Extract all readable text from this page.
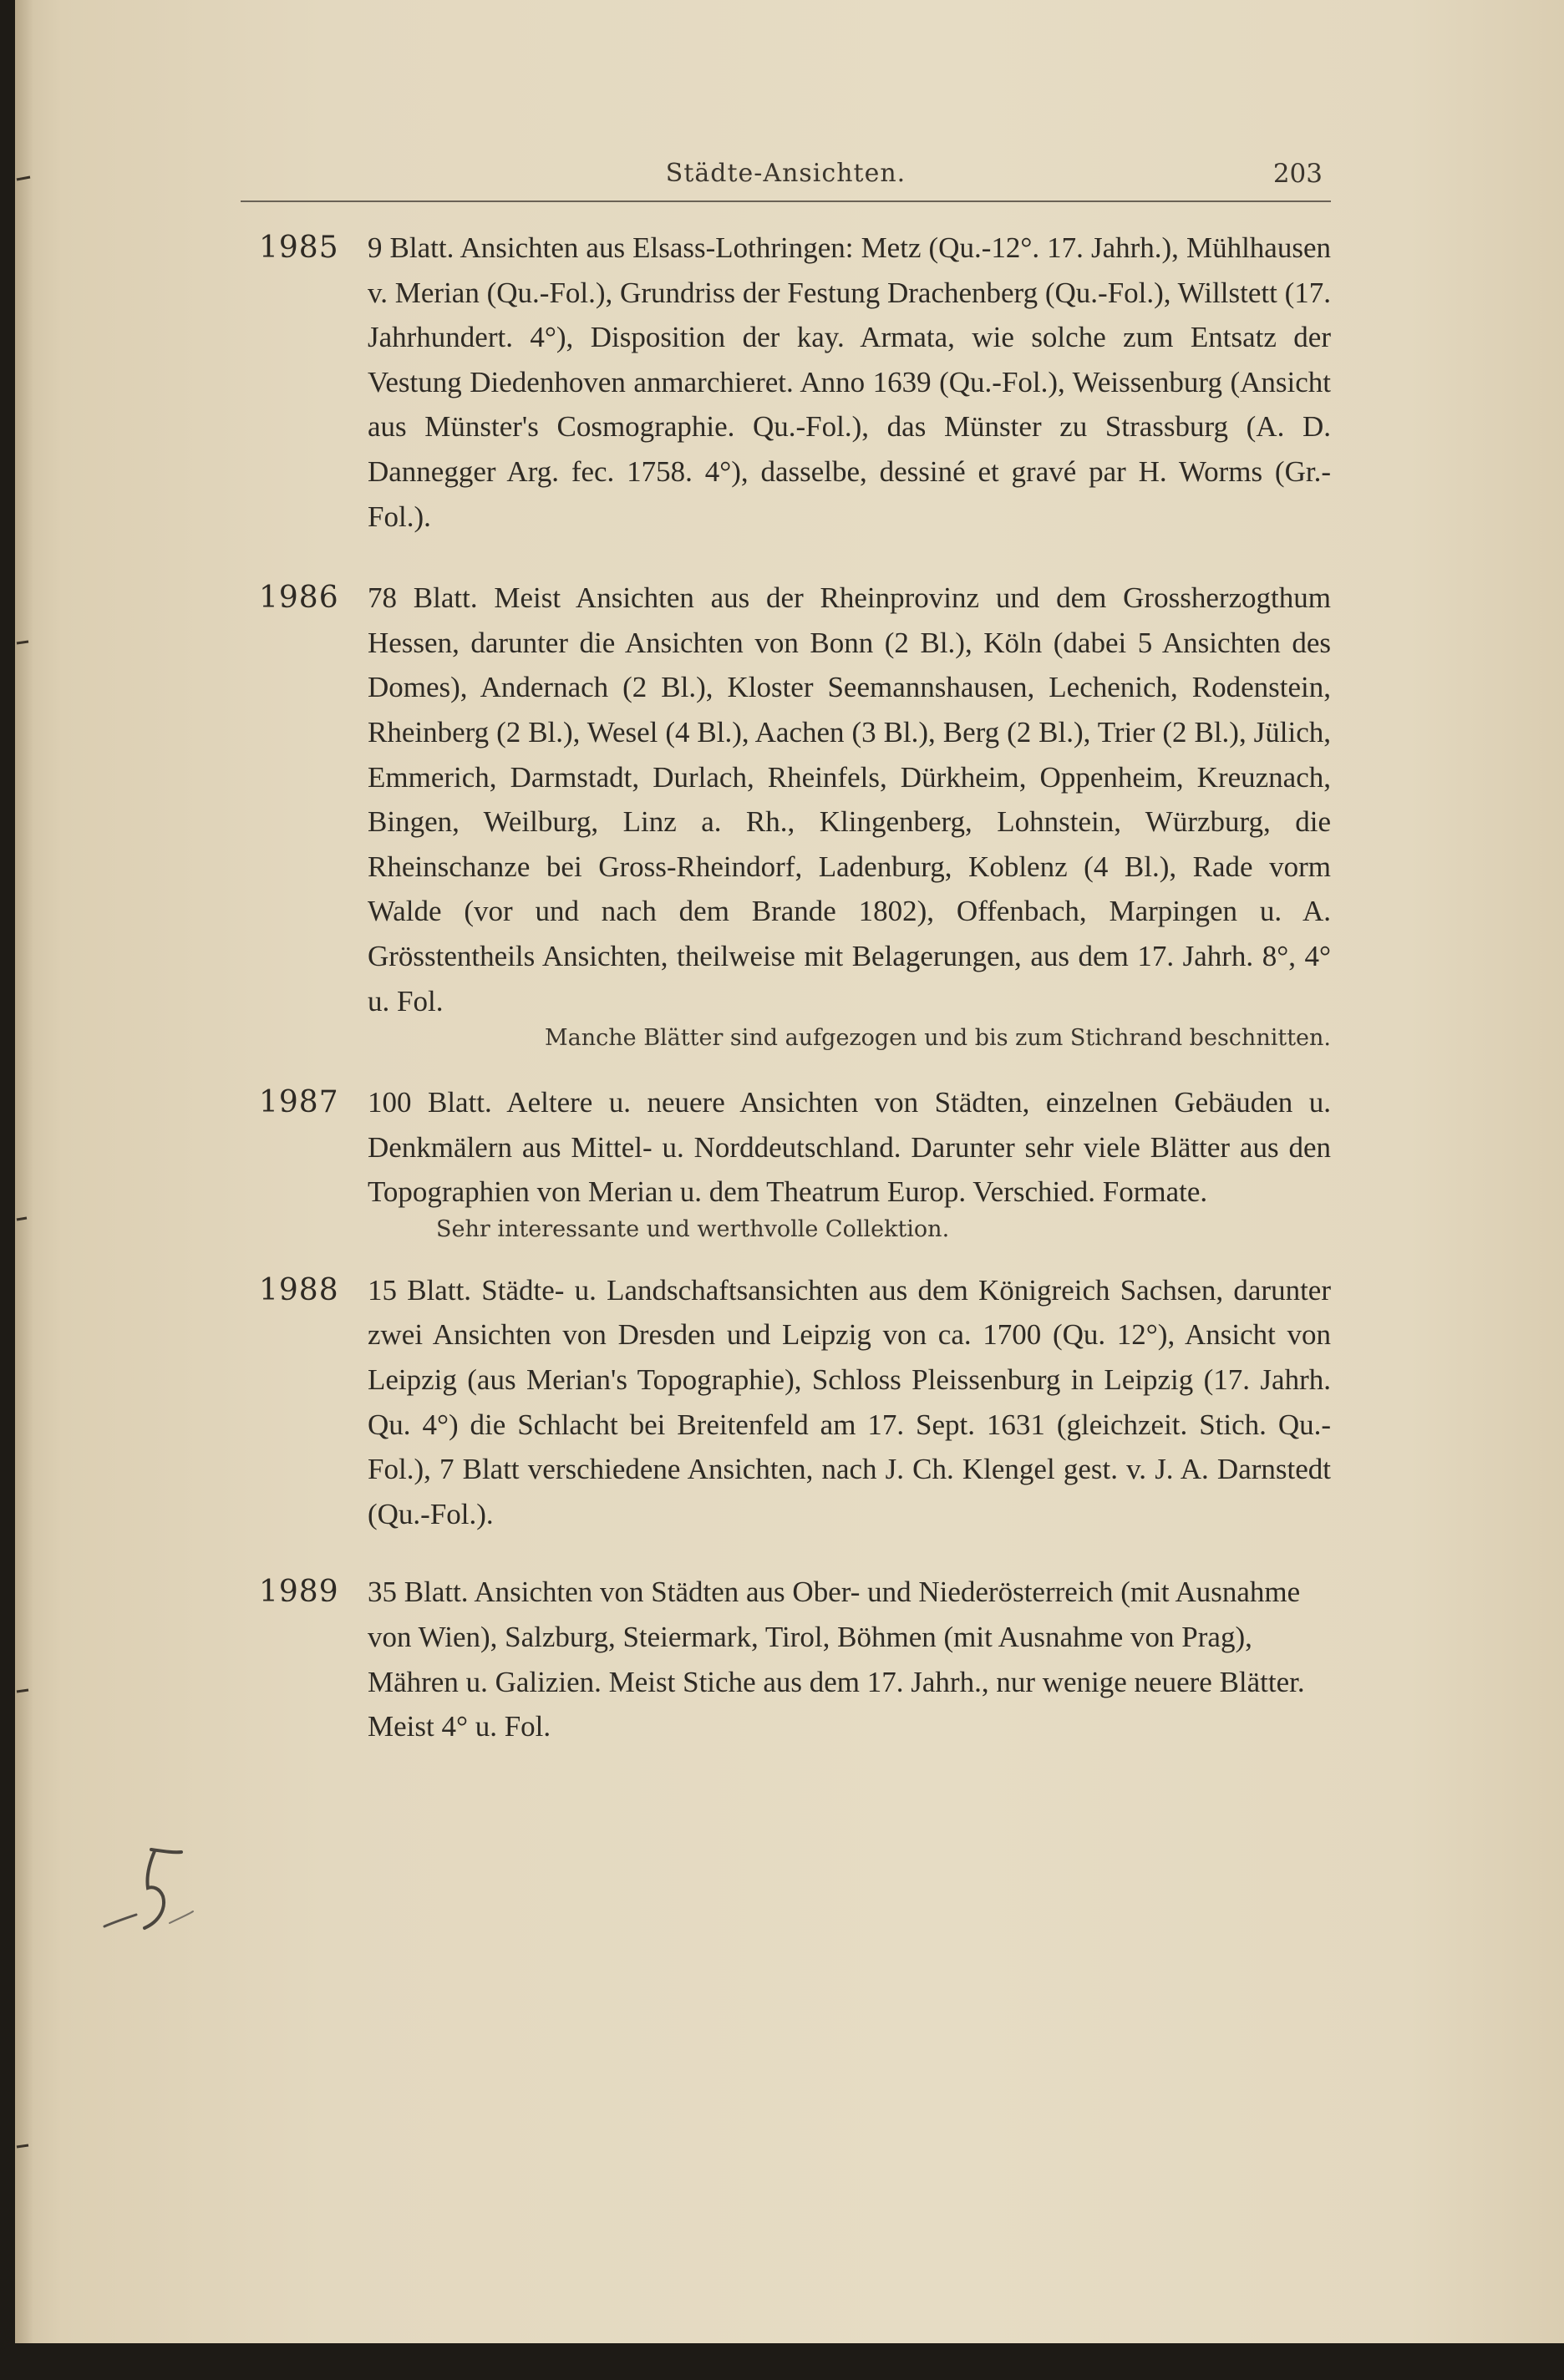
Städte-Ansichten.	203
1985 9 Blatt. Ansichten aus Elsass-Lothringen: Metz (Qu.-12°. 17. Jahrh.), Mühlhausen v. Merian (Qu.-Fol.), Grundriss der Festung Drachenberg (Qu.-Fol.), Willstett (17. Jahrhundert. 4°), Disposition der kay. Armata, wie solche zum Entsatz der Vestung Diedenhoven anmarchieret. Anno 1639 (Qu.-Fol.), Weissenburg (Ansicht aus Münster's Cosmographie. Qu.-Fol.), das Münster zu Strassburg (A. D. Dannegger Arg. fec. 1758. 4°), dasselbe, dessiné et gravé par H. Worms (Gr.-Fol.).

1986 78 Blatt. Meist Ansichten aus der Rheinprovinz und dem Grossherzogthum Hessen, darunter die Ansichten von Bonn (2 Bl.), Köln (dabei 5 Ansichten des Domes), Andernach (2 Bl.), Kloster Seemannshausen, Lechenich, Rodenstein, Rheinberg (2 Bl.), Wesel (4 Bl.), Aachen (3 Bl.), Berg (2 Bl.), Trier (2 Bl.), Jülich, Emmerich, Darmstadt, Durlach, Rheinfels, Dürkheim, Oppenheim, Kreuznach, Bingen, Weilburg, Linz a. Rh., Klingenberg, Lohnstein, Würzburg, die Rheinschanze bei Gross-Rheindorf, Ladenburg, Koblenz (4 Bl.), Rade vorm Walde (vor und nach dem Brande 1802), Offenbach, Marpingen u. A. Grösstentheils Ansichten, theilweise mit Belagerungen, aus dem 17. Jahrh. 8°, 4° u. Fol.

Manche Blätter sind aufgezogen und bis zum Stichrand beschnitten.

1987 100 Blatt. Aeltere u. neuere Ansichten von Städten, einzelnen Gebäuden u. Denkmälern aus Mittel- u. Norddeutschland. Darunter sehr viele Blätter aus den Topographien von Merian u. dem Theatrum Europ. Verschied. Formate.

Sehr interessante und werthvolle Collektion.

1988 15 Blatt. Städte- u. Landschaftsansichten aus dem Königreich Sachsen, darunter zwei Ansichten von Dresden und Leipzig von ca. 1700 (Qu. 12°), Ansicht von Leipzig (aus Merian's Topographie), Schloss Pleissenburg in Leipzig (17. Jahrh. Qu. 4°) die Schlacht bei Breitenfeld am 17. Sept. 1631 (gleichzeit. Stich. Qu.-Fol.), 7 Blatt verschiedene Ansichten, nach J. Ch. Klengel gest. v. J. A. Darnstedt (Qu.-Fol.).

1989 35 Blatt. Ansichten von Städten aus Ober- und Niederösterreich (mit Ausnahme von Wien), Salzburg, Steiermark, Tirol, Böhmen (mit Ausnahme von Prag), Mähren u. Galizien. Meist Stiche aus dem 17. Jahrh., nur wenige neuere Blätter. Meist 4° u. Fol.
